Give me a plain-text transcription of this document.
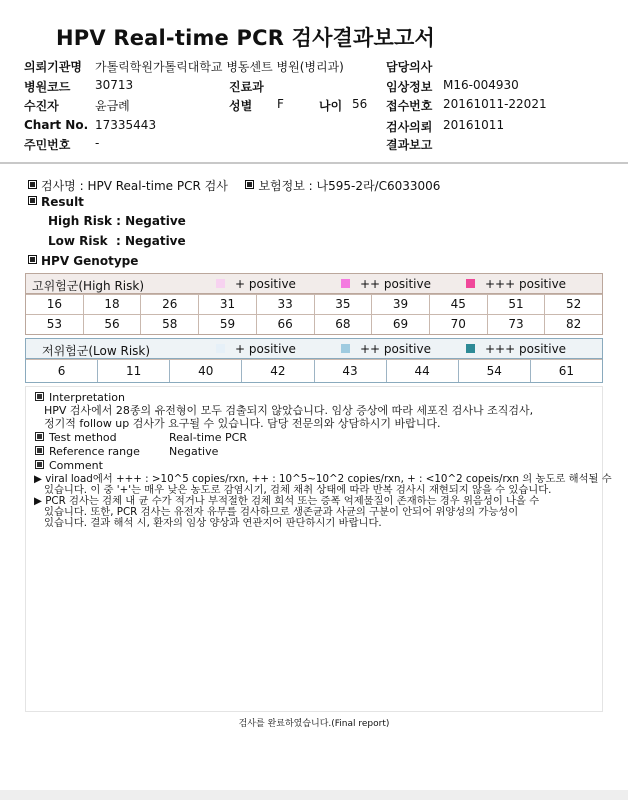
HPV Real-time PCR 검사결과보고서
의뢰기관명 가톨릭학원가톨릭대학교 병동센트 병원(병리과)	담당의사
병원코드 30713	진료과	임상정보 M16-004930
수진자	윤금례	성별 F	나이 56 접수번호 20161011-22021
Chart No. 17335443	검사의뢰 20161011
주민번호 -	결과보고
검사명 : HPV Real-time PCR 검사	보험정보 : 나595-2라/C6033006
Result
High Risk : Negative
Low Risk  : Negative
HPV Genotype
고위험군(High Risk)	+ positive	++ positive	+++ positive
16	18	26	31	33	35	39	45	51	52
53	56	58	59	66	68	69	70	73	82
저위험군(Low Risk)	+ positive	++ positive	+++ positive
6	11	40	42	43	44	54	61
Interpretation
HPV 검사에서 28종의 유전형이 모두 검출되지 않았습니다. 임상 증상에 따라 세포진 검사나 조직검사,
정기적 follow up 검사가 요구될 수 있습니다. 담당 전문의와 상담하시기 바랍니다.
Test method	Real-time PCR
Reference range	Negative
Comment
▶ viral load에서 +++ : >10^5 copies/rxn, ++ : 10^5~10^2 copies/rxn, + : <10^2 copeis/rxn 의 농도로 해석될 수
있습니다. 이 중 '+'는 매우 낮은 농도로 감염시기, 검체 채취 상태에 따라 반복 검사시 재현되지 않을 수 있습니다.
▶ PCR 검사는 검체 내 균 수가 적거나 부적절한 검체 희석 또는 증폭 억제물질이 존재하는 경우 위음성이 나올 수
있습니다. 또한, PCR 검사는 유전자 유무를 검사하므로 생존균과 사균의 구분이 안되어 위양성의 가능성이
있습니다. 결과 해석 시, 환자의 임상 양상과 연관지어 판단하시기 바랍니다.
검사를 완료하였습니다.(Final report)
